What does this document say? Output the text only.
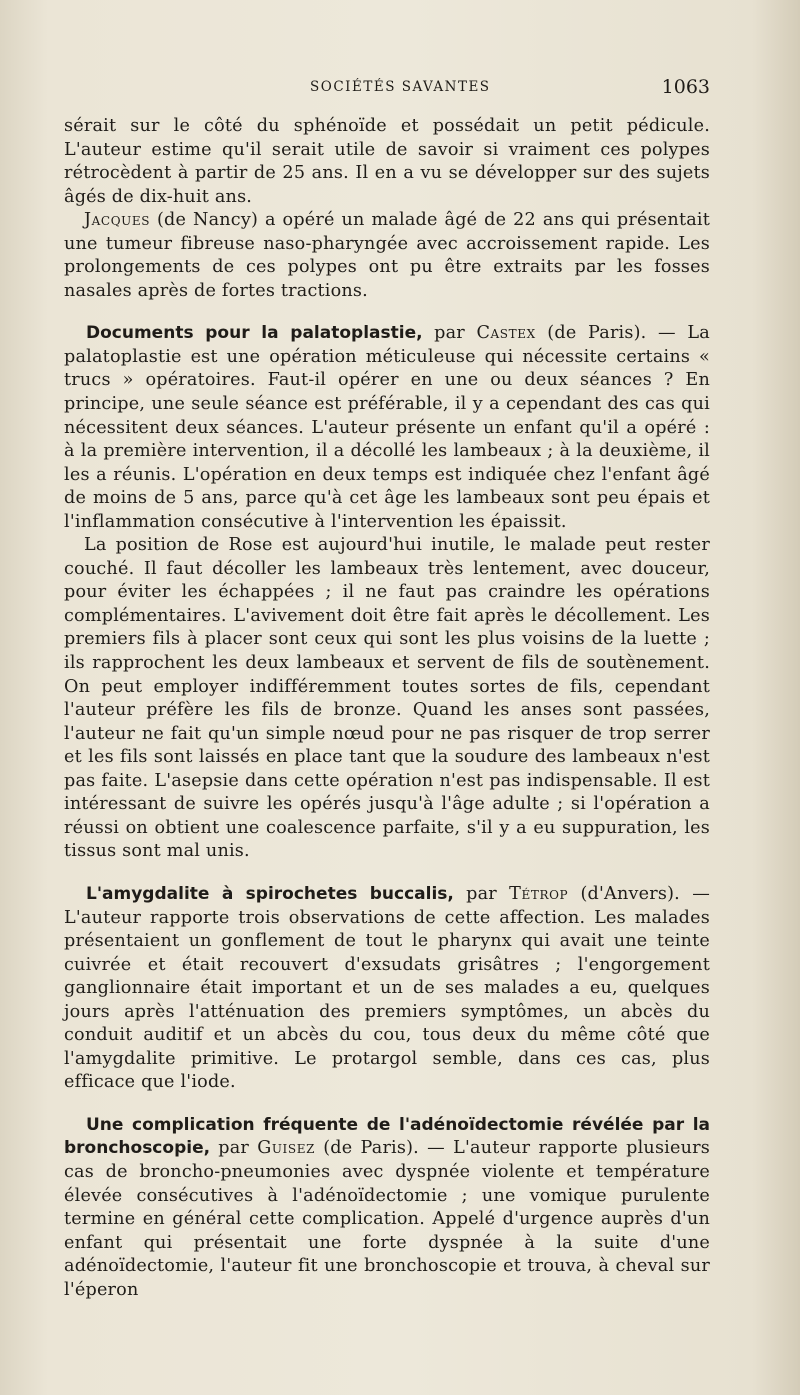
SOCIÉTÉS SAVANTES	1063

sérait sur le côté du sphénoïde et possédait un petit pédicule. L'auteur estime qu'il serait utile de savoir si vraiment ces polypes rétrocèdent à partir de 25 ans. Il en a vu se développer sur des sujets âgés de dix-huit ans.

Jacques (de Nancy) a opéré un malade âgé de 22 ans qui présentait une tumeur fibreuse naso-pharyngée avec accroissement rapide. Les prolongements de ces polypes ont pu être extraits par les fosses nasales après de fortes tractions.

Documents pour la palatoplastie, par Castex (de Paris). — La palatoplastie est une opération méticuleuse qui nécessite certains « trucs » opératoires. Faut-il opérer en une ou deux séances ? En principe, une seule séance est préférable, il y a cependant des cas qui nécessitent deux séances. L'auteur présente un enfant qu'il a opéré : à la première intervention, il a décollé les lambeaux ; à la deuxième, il les a réunis. L'opération en deux temps est indiquée chez l'enfant âgé de moins de 5 ans, parce qu'à cet âge les lambeaux sont peu épais et l'inflammation consécutive à l'intervention les épaissit.

La position de Rose est aujourd'hui inutile, le malade peut rester couché. Il faut décoller les lambeaux très lentement, avec douceur, pour éviter les échappées ; il ne faut pas craindre les opérations complémentaires. L'avivement doit être fait après le décollement. Les premiers fils à placer sont ceux qui sont les plus voisins de la luette ; ils rapprochent les deux lambeaux et servent de fils de soutènement. On peut employer indifféremment toutes sortes de fils, cependant l'auteur préfère les fils de bronze. Quand les anses sont passées, l'auteur ne fait qu'un simple nœud pour ne pas risquer de trop serrer et les fils sont laissés en place tant que la soudure des lambeaux n'est pas faite. L'asepsie dans cette opération n'est pas indispensable. Il est intéressant de suivre les opérés jusqu'à l'âge adulte ; si l'opération a réussi on obtient une coalescence parfaite, s'il y a eu suppuration, les tissus sont mal unis.

L'amygdalite à spirochetes buccalis, par Tétrop (d'Anvers). — L'auteur rapporte trois observations de cette affection. Les malades présentaient un gonflement de tout le pharynx qui avait une teinte cuivrée et était recouvert d'exsudats grisâtres ; l'engorgement ganglionnaire était important et un de ses malades a eu, quelques jours après l'atténuation des premiers symptômes, un abcès du conduit auditif et un abcès du cou, tous deux du même côté que l'amygdalite primitive. Le protargol semble, dans ces cas, plus efficace que l'iode.

Une complication fréquente de l'adénoïdectomie révélée par la bronchoscopie, par Guisez (de Paris). — L'auteur rapporte plusieurs cas de broncho-pneumonies avec dyspnée violente et température élevée consécutives à l'adénoïdectomie ; une vomique purulente termine en général cette complication. Appelé d'urgence auprès d'un enfant qui présentait une forte dyspnée à la suite d'une adénoïdectomie, l'auteur fit une bronchoscopie et trouva, à cheval sur l'éperon
